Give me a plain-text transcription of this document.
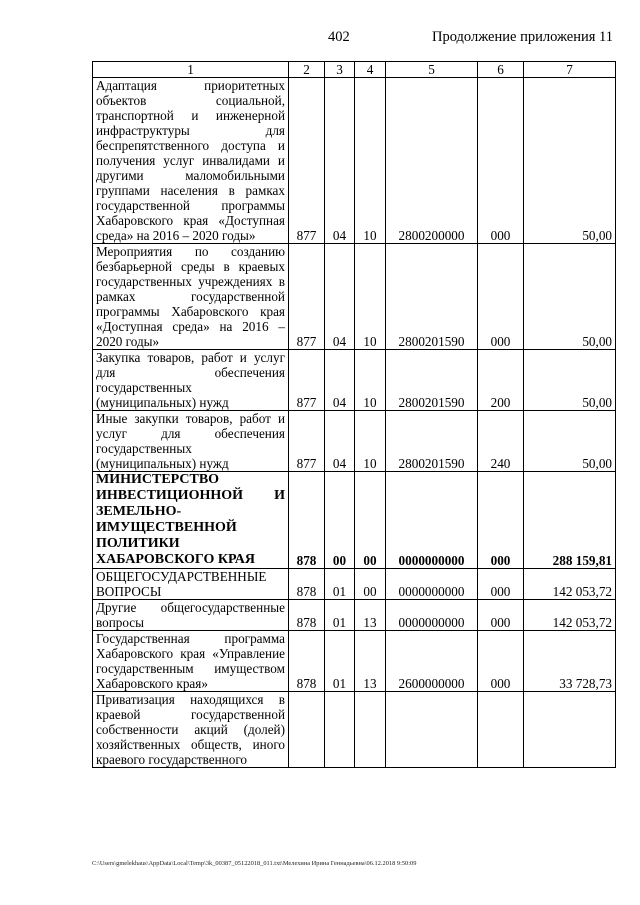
402	Продолжение приложения 11
1	2	3	4	5	6	7
Адаптация приоритетных объектов социальной, транспортной и инженерной инфраструктуры для беспрепятственного доступа и получения услуг инвалидами и другими маломобильными группами населения в рамках государственной программы Хабаровского края «Доступная среда» на 2016 – 2020 годы»	877	04	10	2800200000	000	50,00
Мероприятия по созданию безбарьерной среды в краевых государственных учреждениях в рамках государственной программы Хабаровского края «Доступная среда» на 2016 – 2020 годы»	877	04	10	2800201590	000	50,00
Закупка товаров, работ и услуг для обеспечения государственных (муниципальных) нужд	877	04	10	2800201590	200	50,00
Иные закупки товаров, работ и услуг для обеспечения государственных (муниципальных) нужд	877	04	10	2800201590	240	50,00
МИНИСТЕРСТВО ИНВЕСТИЦИОННОЙ И ЗЕМЕЛЬНО-ИМУЩЕСТВЕННОЙ ПОЛИТИКИ ХАБАРОВСКОГО КРАЯ	878	00	00	0000000000	000	288 159,81
ОБЩЕГОСУДАРСТВЕННЫЕ ВОПРОСЫ	878	01	00	0000000000	000	142 053,72
Другие общегосударственные вопросы	878	01	13	0000000000	000	142 053,72
Государственная программа Хабаровского края «Управление государственным имуществом Хабаровского края»	878	01	13	2600000000	000	33 728,73
Приватизация находящихся в краевой государственной собственности акций (долей) хозяйственных обществ, иного краевого государственного						
C:\Users\gmelekhaus\AppData\Local\Temp\3k_00387_05122018_011.txt\Мелехина Ирина Геннадьевна\06.12.2018 9:50:09
